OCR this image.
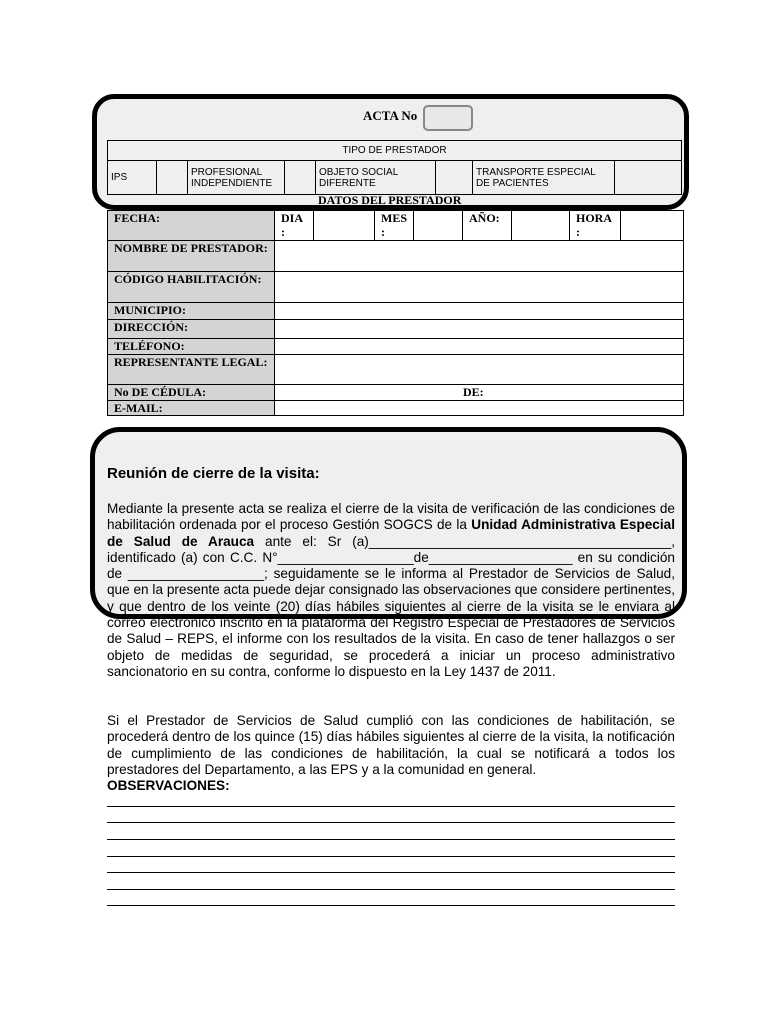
ACTA No
TIPO DE PRESTADOR
IPS		PROFESIONAL INDEPENDIENTE		OBJETO SOCIAL DIFERENTE		TRANSPORTE ESPECIAL DE PACIENTES	
DATOS DEL PRESTADOR
FECHA:	DIA :		MES :		AÑO:		HORA :	
NOMBRE DE PRESTADOR:								
CÓDIGO HABILITACIÓN:								
MUNICIPIO:								
DIRECCIÓN:								
TELÉFONO:								
REPRESENTANTE LEGAL:								
No DE CÉDULA:	DE:							

E-MAIL:								
Reunión de cierre de la visita:
Mediante la presente acta se realiza el cierre de la visita de verificación de las condiciones de habilitación ordenada por el proceso Gestión SOGCS de la Unidad Administrativa Especial de Salud de Arauca ante el: Sr (a)________________________________________, identificado (a) con C.C. N°__________________de___________________ en su condición de __________________; seguidamente se le informa al Prestador de Servicios de Salud, que en la presente acta puede dejar consignado las observaciones que considere pertinentes, y que dentro de los veinte (20) días hábiles siguientes al cierre de la visita se le enviara al correo electrónico inscrito en la plataforma del Registro Especial de Prestadores de Servicios de Salud – REPS, el informe con los resultados de la visita. En caso de tener hallazgos o ser objeto de medidas de seguridad, se procederá a iniciar un proceso administrativo sancionatorio en su contra, conforme lo dispuesto en la Ley 1437 de 2011.
Si el Prestador de Servicios de Salud cumplió con las condiciones de habilitación, se procederá dentro de los quince (15) días hábiles siguientes al cierre de la visita, la notificación de cumplimiento de las condiciones de habilitación, la cual se notificará a todos los prestadores del Departamento, a las EPS y a la comunidad en general.
OBSERVACIONES:
